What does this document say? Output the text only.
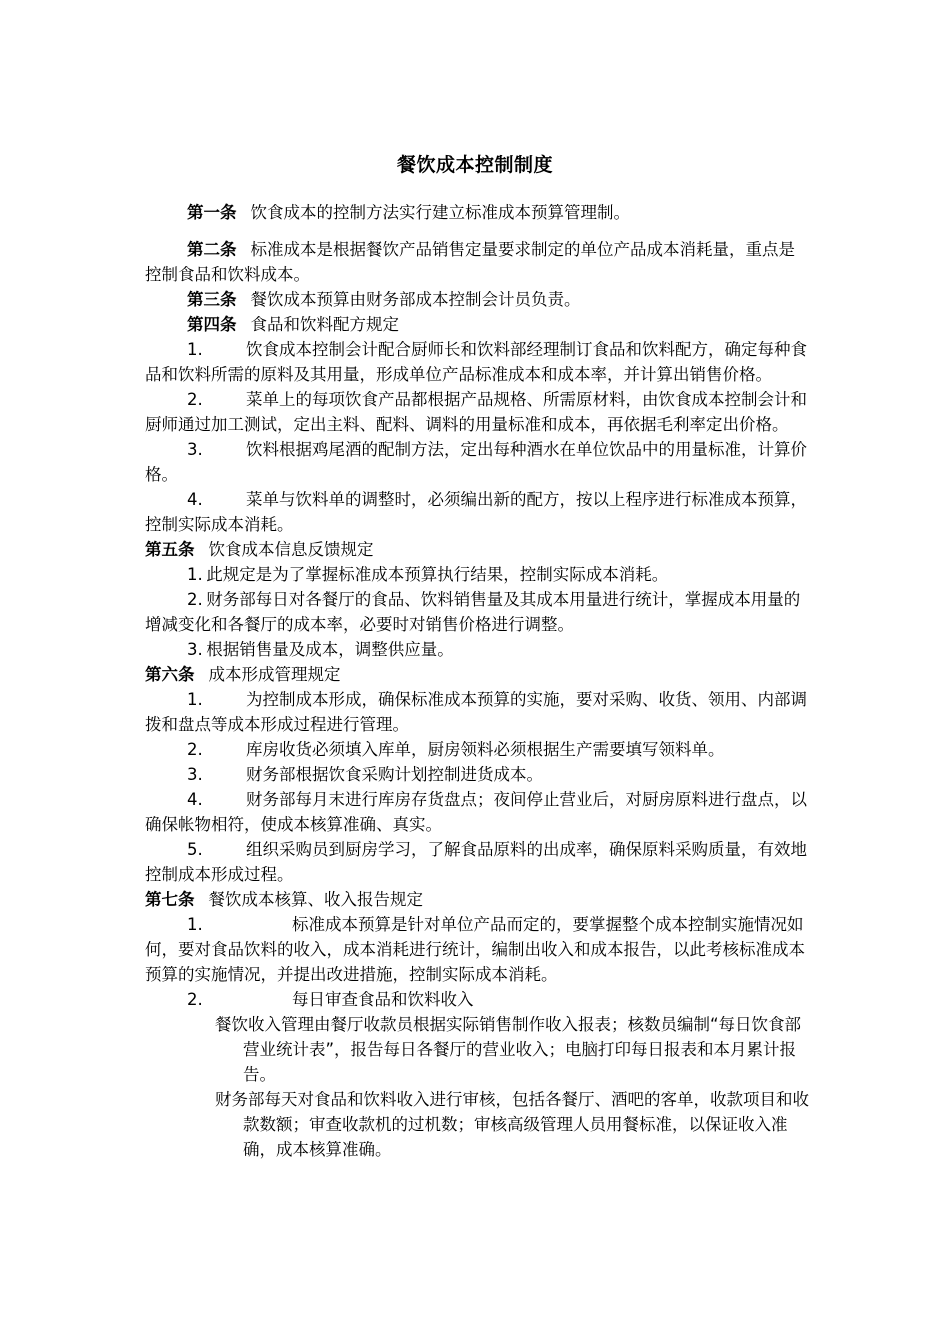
餐饮成本控制制度

第一条 饮食成本的控制方法实行建立标准成本预算管理制。

第二条 标准成本是根据餐饮产品销售定量要求制定的单位产品成本消耗量，重点是控制食品和饮料成本。

第三条 餐饮成本预算由财务部成本控制会计员负责。

第四条 食品和饮料配方规定

1.	饮食成本控制会计配合厨师长和饮料部经理制订食品和饮料配方，确定每种食品和饮料所需的原料及其用量，形成单位产品标准成本和成本率，并计算出销售价格。

2.	菜单上的每项饮食产品都根据产品规格、所需原材料，由饮食成本控制会计和厨师通过加工测试，定出主料、配料、调料的用量标准和成本，再依据毛利率定出价格。

3.	饮料根据鸡尾酒的配制方法，定出每种酒水在单位饮品中的用量标准，计算价格。

4.	菜单与饮料单的调整时，必须编出新的配方，按以上程序进行标准成本预算，控制实际成本消耗。

第五条 饮食成本信息反馈规定

1. 此规定是为了掌握标准成本预算执行结果，控制实际成本消耗。

2. 财务部每日对各餐厅的食品、饮料销售量及其成本用量进行统计，掌握成本用量的增减变化和各餐厅的成本率，必要时对销售价格进行调整。

3. 根据销售量及成本，调整供应量。

第六条 成本形成管理规定

1.	为控制成本形成，确保标准成本预算的实施，要对采购、收货、领用、内部调拨和盘点等成本形成过程进行管理。

2.	库房收货必须填入库单，厨房领料必须根据生产需要填写领料单。

3.	财务部根据饮食采购计划控制进货成本。

4.	财务部每月末进行库房存货盘点；夜间停止营业后，对厨房原料进行盘点，以确保帐物相符，使成本核算准确、真实。

5.	组织采购员到厨房学习，了解食品原料的出成率，确保原料采购质量，有效地控制成本形成过程。

第七条 餐饮成本核算、收入报告规定

1.	标准成本预算是针对单位产品而定的，要掌握整个成本控制实施情况如何，要对食品饮料的收入，成本消耗进行统计，编制出收入和成本报告，以此考核标准成本预算的实施情况，并提出改进措施，控制实际成本消耗。

2.	每日审查食品和饮料收入

餐饮收入管理由餐厅收款员根据实际销售制作收入报表；核数员编制“每日饮食部营业统计表”，报告每日各餐厅的营业收入；电脑打印每日报表和本月累计报告。

财务部每天对食品和饮料收入进行审核，包括各餐厅、酒吧的客单，收款项目和收款数额；审查收款机的过机数；审核高级管理人员用餐标准，以保证收入准确，成本核算准确。
